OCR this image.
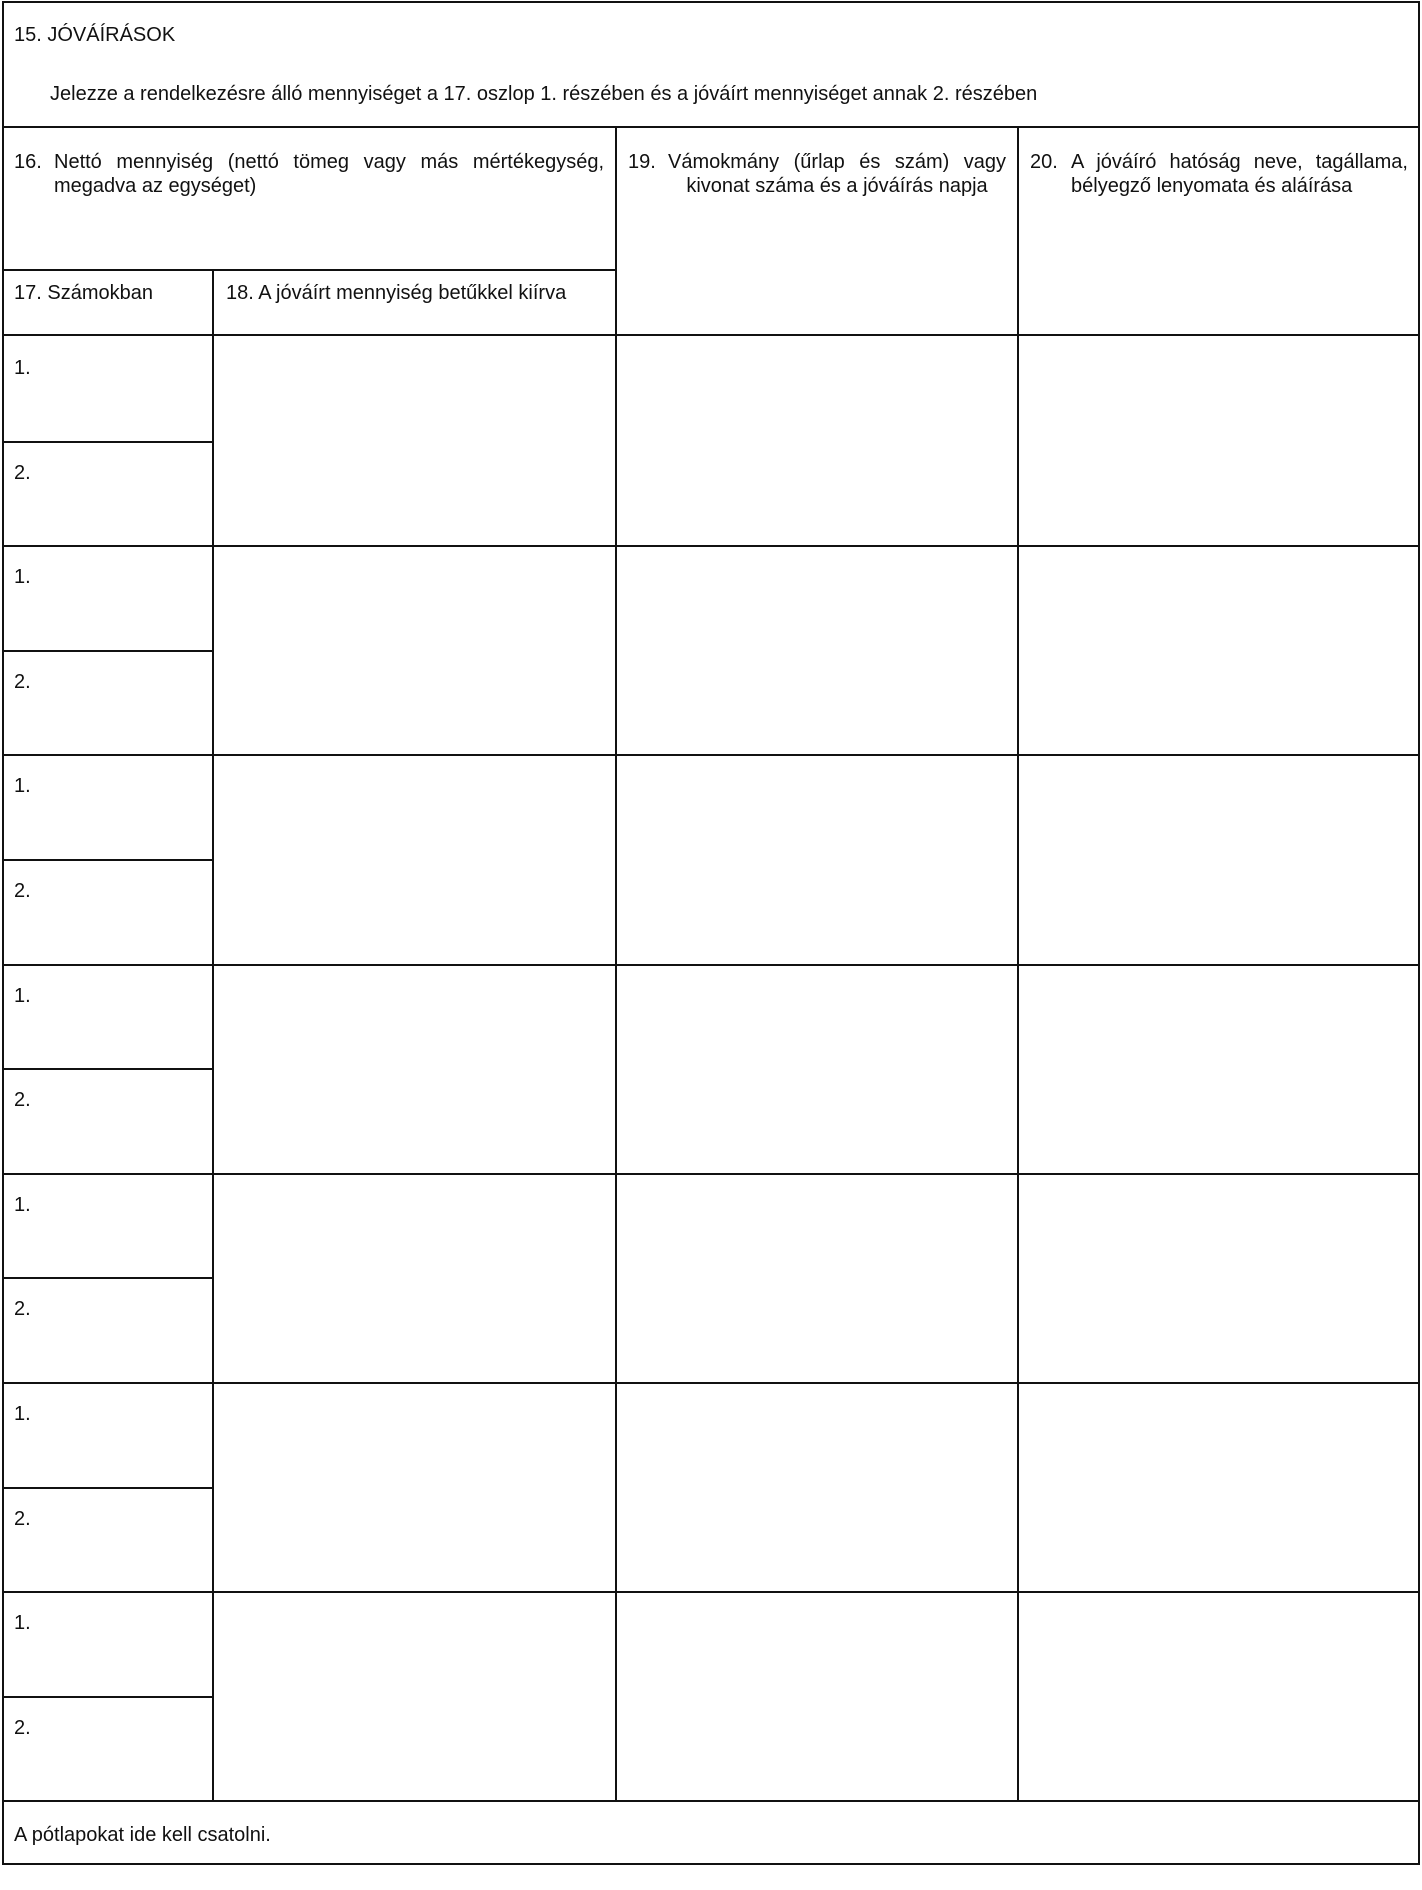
15. JÓVÁÍRÁSOK
Jelezze a rendelkezésre álló mennyiséget a 17. oszlop 1. részében és a jóváírt mennyiséget annak 2. részében
16. Nettó mennyiség (nettó tömeg vagy más mértékegység, megadva az egységet)
19. Vámokmány (űrlap és szám) vagy kivonat száma és a jóváírás napja
20. A jóváíró hatóság neve, tagállama, bélyegző lenyomata és aláírása
17. Számokban	18. A jóváírt mennyiség betűkkel kiírva
1.
2.
1.
2.
1.
2.
1.
2.
1.
2.
1.
2.
1.
2.
A pótlapokat ide kell csatolni.
